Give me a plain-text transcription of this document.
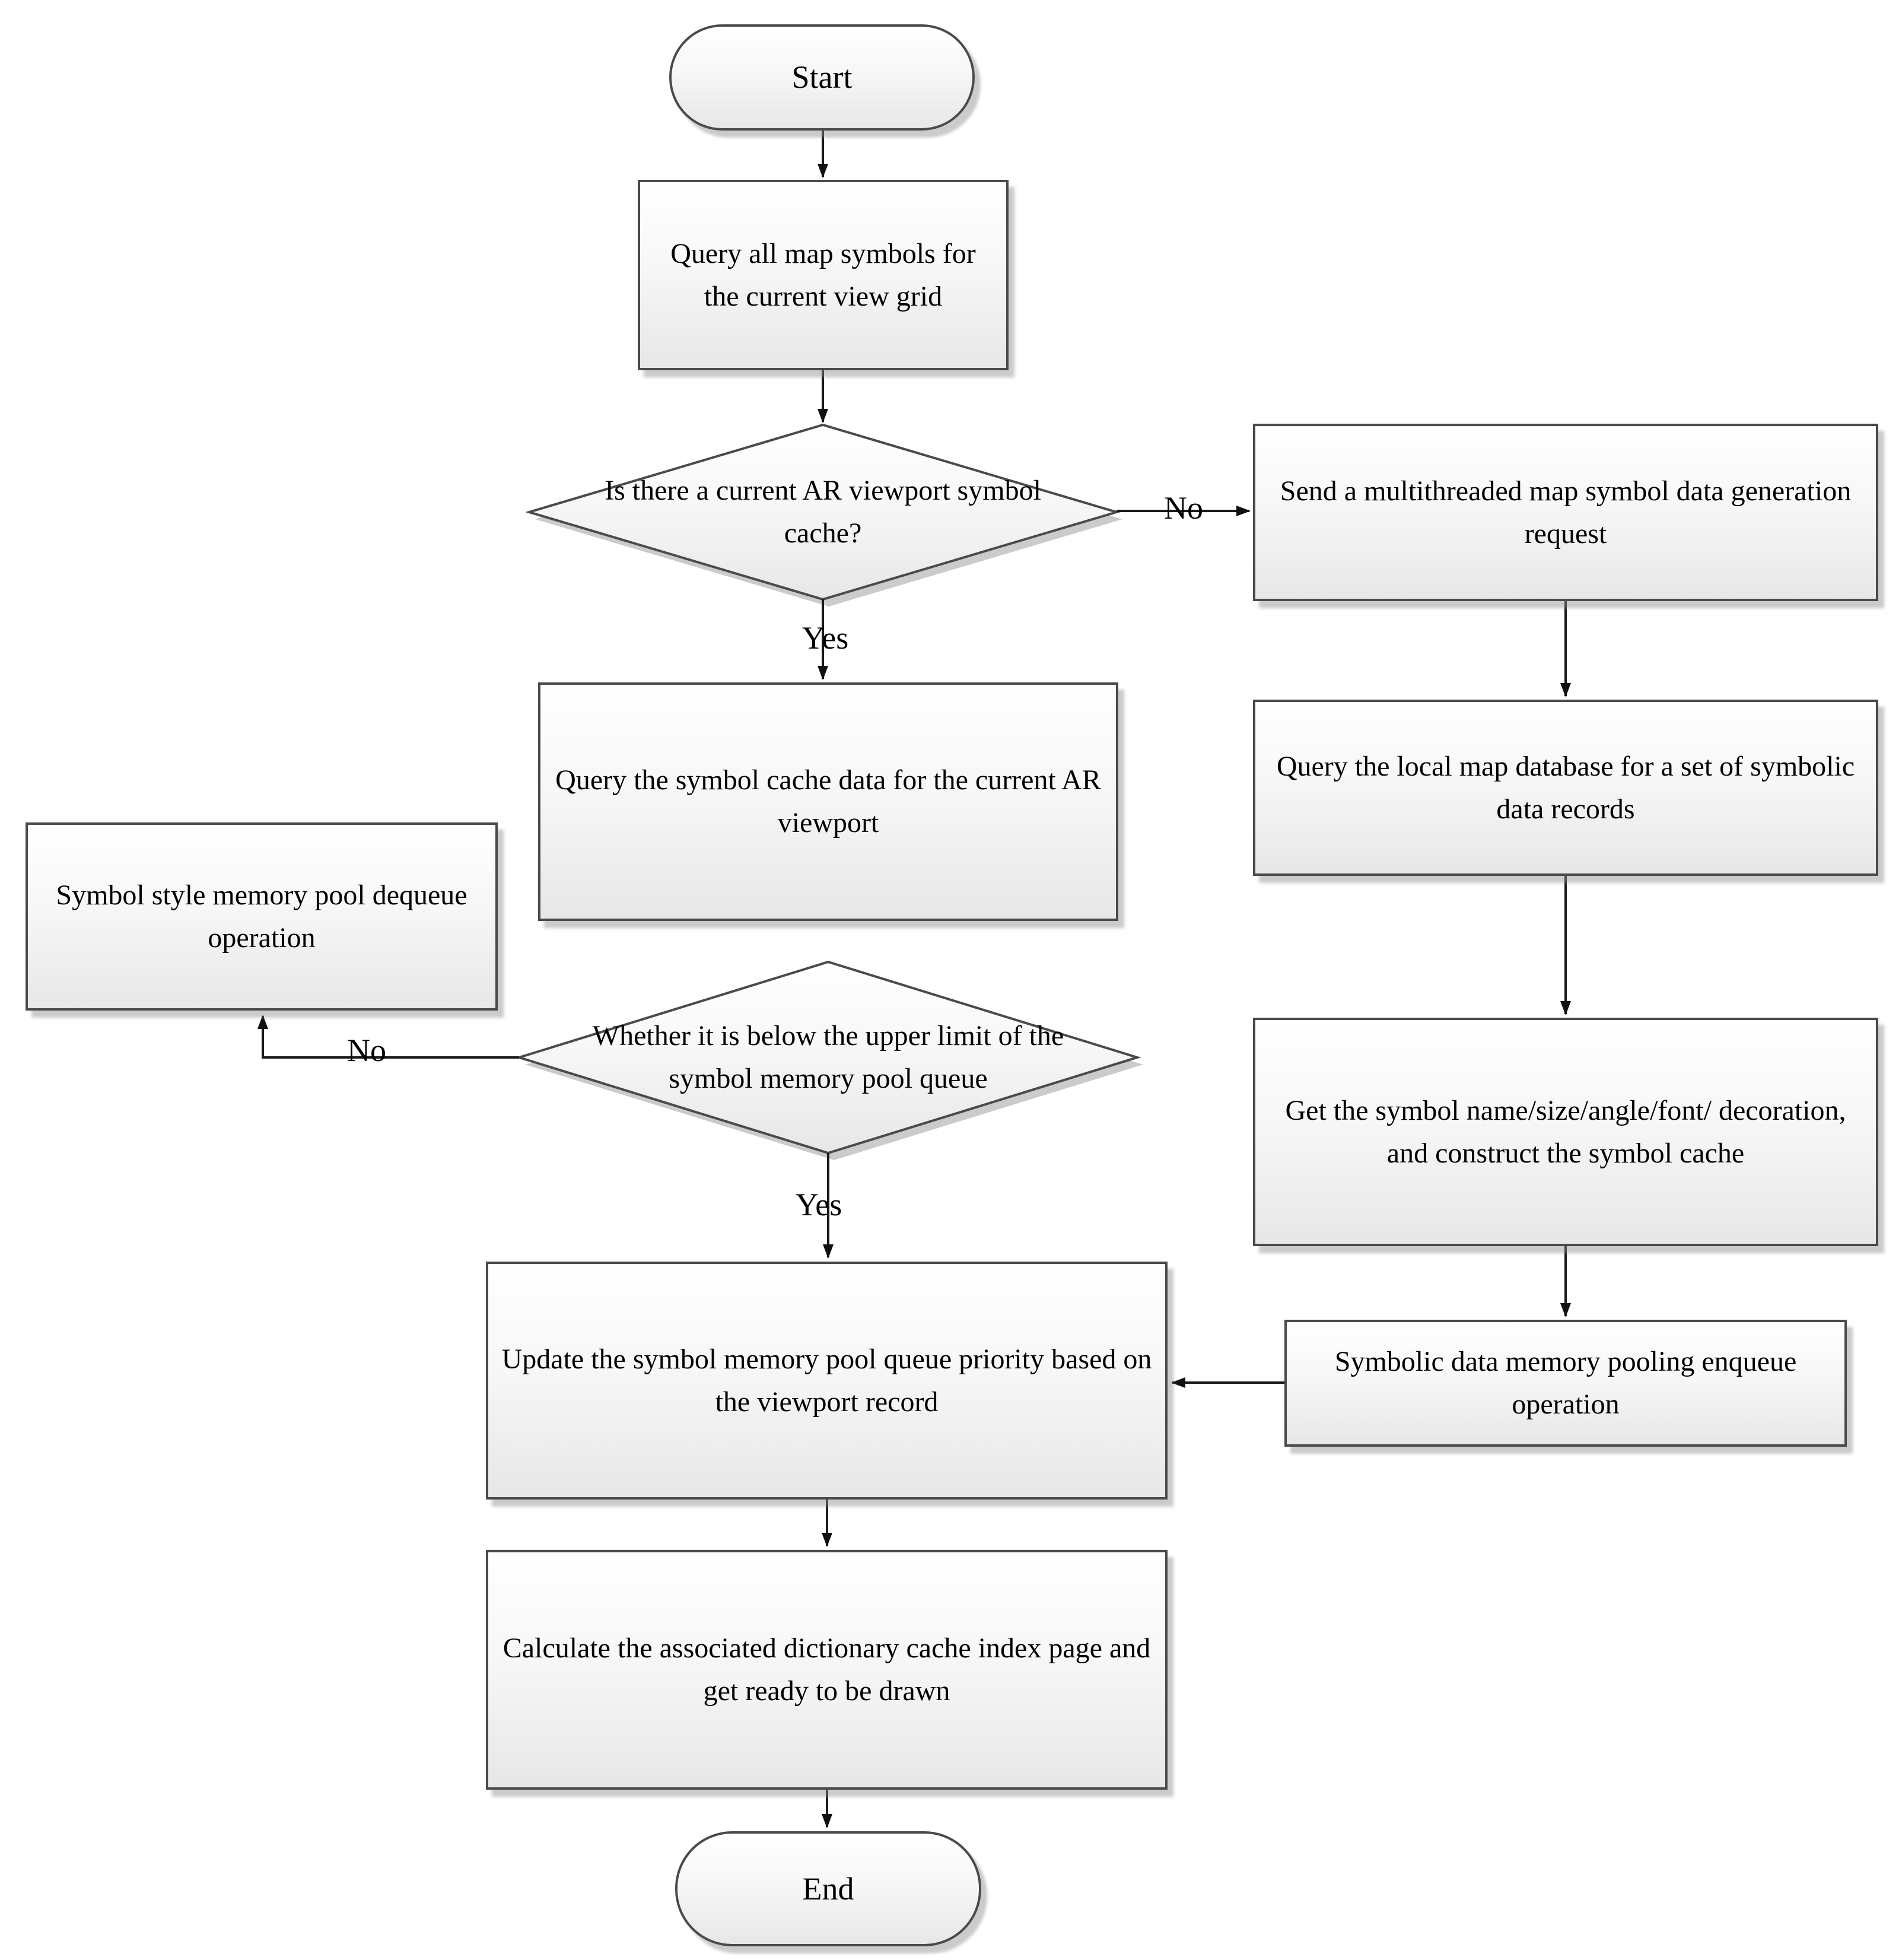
Start
Query all map symbols for the current view grid
Send a multithreaded map symbol data generation request
Query the symbol cache data for the current AR viewport
Query the local map database for a set of symbolic data records
Symbol style memory pool dequeue operation
Get the symbol name/size/angle/font/ decoration, and construct the symbol cache
Update the symbol memory pool queue priority based on the viewport record
Symbolic data memory pooling enqueue operation
Calculate the associated dictionary cache index page and get ready to be drawn
End
Is there a current AR viewport symbol cache?
Whether it is below the upper limit of the symbol memory pool queue
No
Yes
No
Yes
